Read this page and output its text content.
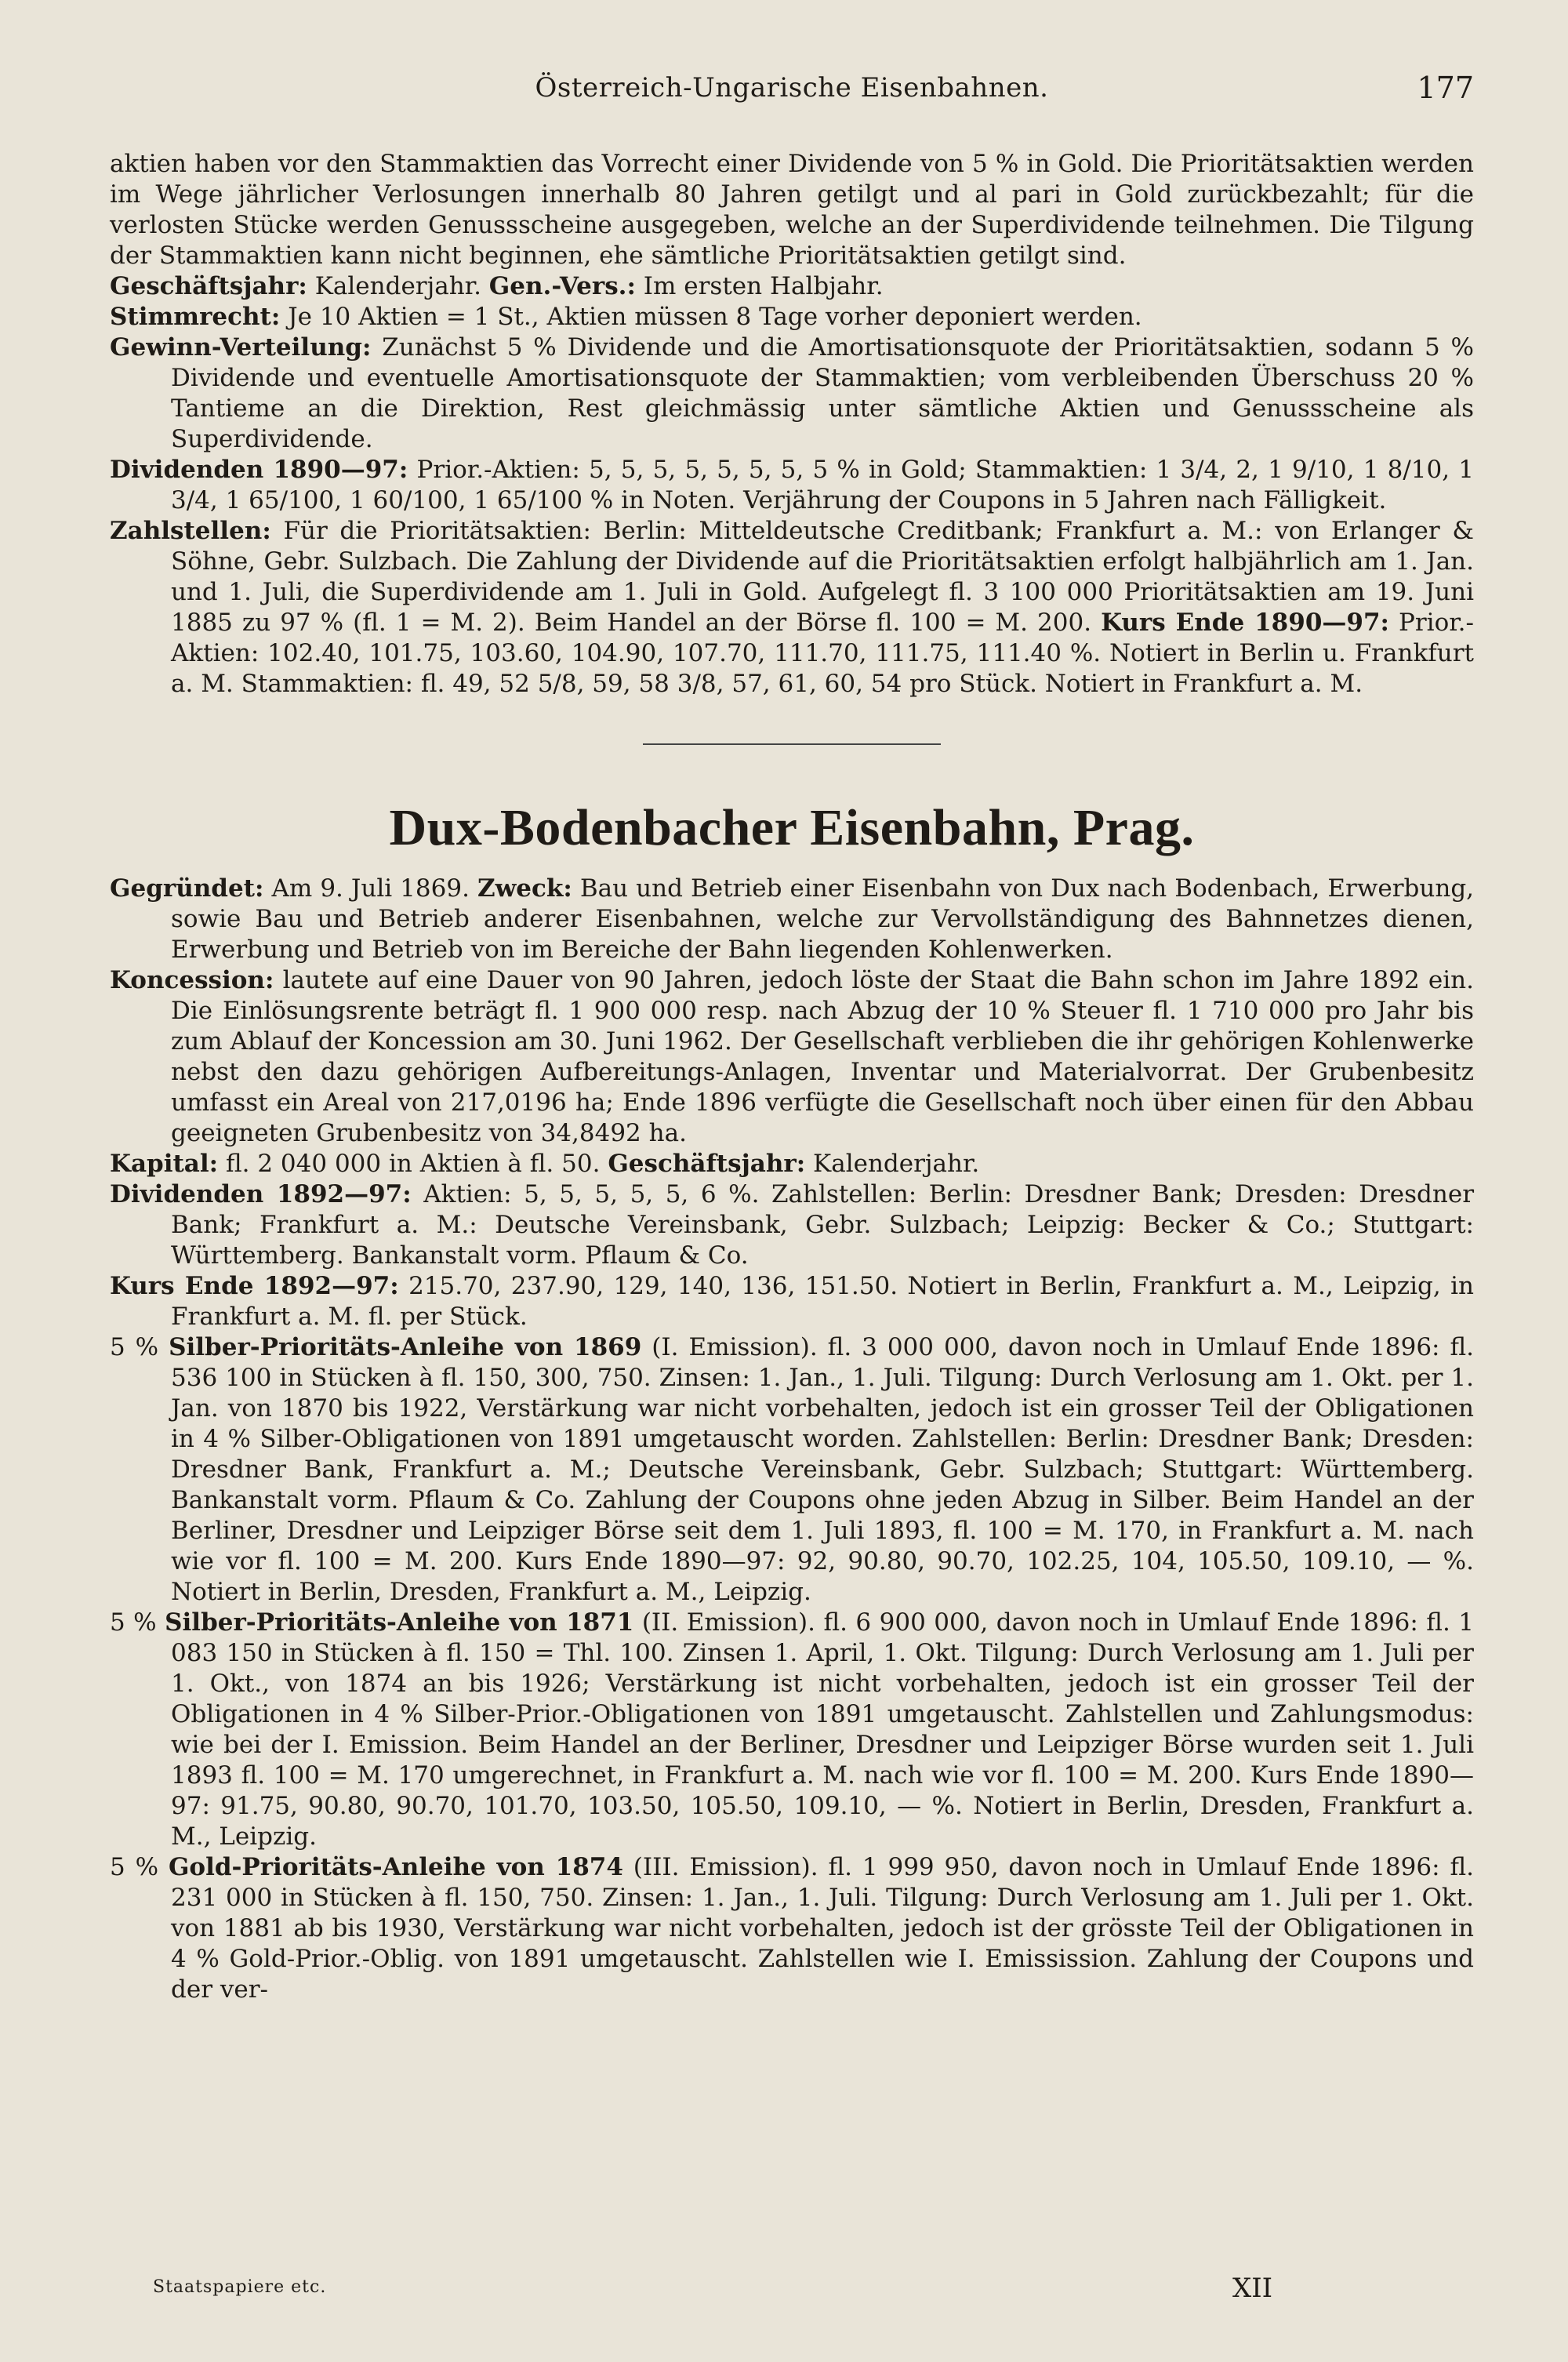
Österreich-Ungarische Eisenbahnen.	177

aktien haben vor den Stammaktien das Vorrecht einer Dividende von 5 % in Gold. Die Prioritätsaktien werden im Wege jährlicher Verlosungen innerhalb 80 Jahren getilgt und al pari in Gold zurückbezahlt; für die verlosten Stücke werden Genussscheine ausgegeben, welche an der Superdividende teilnehmen. Die Tilgung der Stammaktien kann nicht beginnen, ehe sämtliche Prioritätsaktien getilgt sind.

Geschäftsjahr: Kalenderjahr. Gen.-Vers.: Im ersten Halbjahr.

Stimmrecht: Je 10 Aktien = 1 St., Aktien müssen 8 Tage vorher deponiert werden.

Gewinn-Verteilung: Zunächst 5 % Dividende und die Amortisationsquote der Prioritätsaktien, sodann 5 % Dividende und eventuelle Amortisationsquote der Stammaktien; vom verbleibenden Überschuss 20 % Tantieme an die Direktion, Rest gleichmässig unter sämtliche Aktien und Genussscheine als Superdividende.

Dividenden 1890—97: Prior.-Aktien: 5, 5, 5, 5, 5, 5, 5, 5 % in Gold; Stammaktien: 1 3/4, 2, 1 9/10, 1 8/10, 1 3/4, 1 65/100, 1 60/100, 1 65/100 % in Noten. Verjährung der Coupons in 5 Jahren nach Fälligkeit.

Zahlstellen: Für die Prioritätsaktien: Berlin: Mitteldeutsche Creditbank; Frankfurt a. M.: von Erlanger & Söhne, Gebr. Sulzbach. Die Zahlung der Dividende auf die Prioritätsaktien erfolgt halbjährlich am 1. Jan. und 1. Juli, die Superdividende am 1. Juli in Gold. Aufgelegt fl. 3 100 000 Prioritätsaktien am 19. Juni 1885 zu 97 % (fl. 1 = M. 2). Beim Handel an der Börse fl. 100 = M. 200. Kurs Ende 1890—97: Prior.-Aktien: 102.40, 101.75, 103.60, 104.90, 107.70, 111.70, 111.75, 111.40 %. Notiert in Berlin u. Frankfurt a. M. Stammaktien: fl. 49, 52 5/8, 59, 58 3/8, 57, 61, 60, 54 pro Stück. Notiert in Frankfurt a. M.

Dux-Bodenbacher Eisenbahn, Prag.

Gegründet: Am 9. Juli 1869. Zweck: Bau und Betrieb einer Eisenbahn von Dux nach Bodenbach, Erwerbung, sowie Bau und Betrieb anderer Eisenbahnen, welche zur Vervollständigung des Bahnnetzes dienen, Erwerbung und Betrieb von im Bereiche der Bahn liegenden Kohlenwerken.

Koncession: lautete auf eine Dauer von 90 Jahren, jedoch löste der Staat die Bahn schon im Jahre 1892 ein. Die Einlösungsrente beträgt fl. 1 900 000 resp. nach Abzug der 10 % Steuer fl. 1 710 000 pro Jahr bis zum Ablauf der Koncession am 30. Juni 1962. Der Gesellschaft verblieben die ihr gehörigen Kohlenwerke nebst den dazu gehörigen Aufbereitungs-Anlagen, Inventar und Materialvorrat. Der Grubenbesitz umfasst ein Areal von 217,0196 ha; Ende 1896 verfügte die Gesellschaft noch über einen für den Abbau geeigneten Grubenbesitz von 34,8492 ha.

Kapital: fl. 2 040 000 in Aktien à fl. 50. Geschäftsjahr: Kalenderjahr.

Dividenden 1892—97: Aktien: 5, 5, 5, 5, 5, 6 %. Zahlstellen: Berlin: Dresdner Bank; Dresden: Dresdner Bank; Frankfurt a. M.: Deutsche Vereinsbank, Gebr. Sulzbach; Leipzig: Becker & Co.; Stuttgart: Württemberg. Bankanstalt vorm. Pflaum & Co.

Kurs Ende 1892—97: 215.70, 237.90, 129, 140, 136, 151.50. Notiert in Berlin, Frankfurt a. M., Leipzig, in Frankfurt a. M. fl. per Stück.

5 % Silber-Prioritäts-Anleihe von 1869 (I. Emission). fl. 3 000 000, davon noch in Umlauf Ende 1896: fl. 536 100 in Stücken à fl. 150, 300, 750. Zinsen: 1. Jan., 1. Juli. Tilgung: Durch Verlosung am 1. Okt. per 1. Jan. von 1870 bis 1922, Verstärkung war nicht vorbehalten, jedoch ist ein grosser Teil der Obligationen in 4 % Silber-Obligationen von 1891 umgetauscht worden. Zahlstellen: Berlin: Dresdner Bank; Dresden: Dresdner Bank, Frankfurt a. M.; Deutsche Vereinsbank, Gebr. Sulzbach; Stuttgart: Württemberg. Bankanstalt vorm. Pflaum & Co. Zahlung der Coupons ohne jeden Abzug in Silber. Beim Handel an der Berliner, Dresdner und Leipziger Börse seit dem 1. Juli 1893, fl. 100 = M. 170, in Frankfurt a. M. nach wie vor fl. 100 = M. 200. Kurs Ende 1890—97: 92, 90.80, 90.70, 102.25, 104, 105.50, 109.10, — %. Notiert in Berlin, Dresden, Frankfurt a. M., Leipzig.

5 % Silber-Prioritäts-Anleihe von 1871 (II. Emission). fl. 6 900 000, davon noch in Umlauf Ende 1896: fl. 1 083 150 in Stücken à fl. 150 = Thl. 100. Zinsen 1. April, 1. Okt. Tilgung: Durch Verlosung am 1. Juli per 1. Okt., von 1874 an bis 1926; Verstärkung ist nicht vorbehalten, jedoch ist ein grosser Teil der Obligationen in 4 % Silber-Prior.-Obligationen von 1891 umgetauscht. Zahlstellen und Zahlungsmodus: wie bei der I. Emission. Beim Handel an der Berliner, Dresdner und Leipziger Börse wurden seit 1. Juli 1893 fl. 100 = M. 170 umgerechnet, in Frankfurt a. M. nach wie vor fl. 100 = M. 200. Kurs Ende 1890—97: 91.75, 90.80, 90.70, 101.70, 103.50, 105.50, 109.10, — %. Notiert in Berlin, Dresden, Frankfurt a. M., Leipzig.

5 % Gold-Prioritäts-Anleihe von 1874 (III. Emission). fl. 1 999 950, davon noch in Umlauf Ende 1896: fl. 231 000 in Stücken à fl. 150, 750. Zinsen: 1. Jan., 1. Juli. Tilgung: Durch Verlosung am 1. Juli per 1. Okt. von 1881 ab bis 1930, Verstärkung war nicht vorbehalten, jedoch ist der grösste Teil der Obligationen in 4 % Gold-Prior.-Oblig. von 1891 umgetauscht. Zahlstellen wie I. Emissission. Zahlung der Coupons und der ver-

Staatspapiere etc.	XII
